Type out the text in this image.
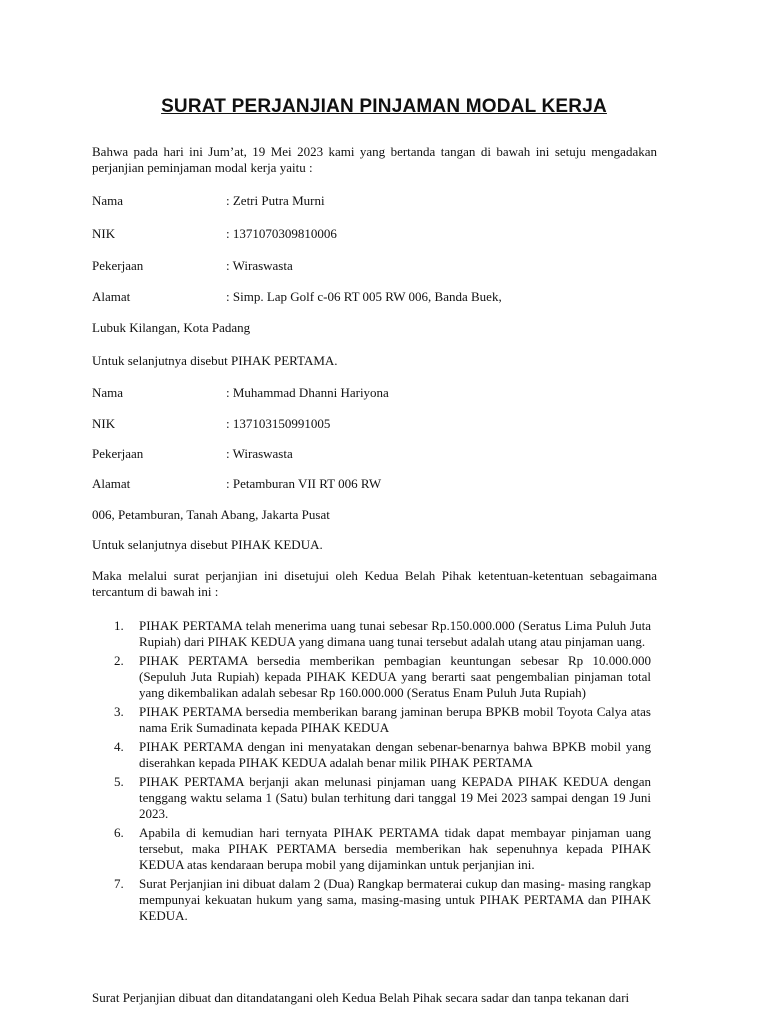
SURAT PERJANJIAN PINJAMAN MODAL KERJA
Bahwa pada hari ini Jum’at, 19 Mei 2023 kami yang bertanda tangan di bawah ini setuju mengadakan perjanjian peminjaman modal kerja yaitu :
Nama	: Zetri Putra Murni
NIK	: 1371070309810006
Pekerjaan	: Wiraswasta
Alamat	: Simp. Lap Golf c-06 RT 005 RW 006, Banda Buek,
Lubuk Kilangan, Kota Padang
Untuk selanjutnya disebut PIHAK PERTAMA.
Nama	: Muhammad Dhanni Hariyona
NIK	: 137103150991005
Pekerjaan	: Wiraswasta
Alamat	: Petamburan VII RT 006 RW
006, Petamburan, Tanah Abang, Jakarta Pusat
Untuk selanjutnya disebut PIHAK KEDUA.
Maka melalui surat perjanjian ini disetujui oleh Kedua Belah Pihak ketentuan-ketentuan sebagaimana tercantum di bawah ini :
1. PIHAK PERTAMA telah menerima uang tunai sebesar Rp.150.000.000 (Seratus Lima Puluh Juta Rupiah) dari PIHAK KEDUA yang dimana uang tunai tersebut adalah utang atau pinjaman uang.
2. PIHAK PERTAMA bersedia memberikan pembagian keuntungan sebesar Rp 10.000.000 (Sepuluh Juta Rupiah) kepada PIHAK KEDUA yang berarti saat pengembalian pinjaman total yang dikembalikan adalah sebesar Rp 160.000.000 (Seratus Enam Puluh Juta Rupiah)
3. PIHAK PERTAMA bersedia memberikan barang jaminan berupa BPKB mobil Toyota Calya atas nama Erik Sumadinata kepada PIHAK KEDUA
4. PIHAK PERTAMA dengan ini menyatakan dengan sebenar-benarnya bahwa BPKB mobil yang diserahkan kepada PIHAK KEDUA adalah benar milik PIHAK PERTAMA
5. PIHAK PERTAMA berjanji akan melunasi pinjaman uang KEPADA PIHAK KEDUA dengan tenggang waktu selama 1 (Satu) bulan terhitung dari tanggal 19 Mei 2023 sampai dengan 19 Juni 2023.
6. Apabila di kemudian hari ternyata PIHAK PERTAMA tidak dapat membayar pinjaman uang tersebut, maka PIHAK PERTAMA bersedia memberikan hak sepenuhnya kepada PIHAK KEDUA atas kendaraan berupa mobil yang dijaminkan untuk perjanjian ini.
7. Surat Perjanjian ini dibuat dalam 2 (Dua) Rangkap bermaterai cukup dan masing- masing rangkap mempunyai kekuatan hukum yang sama, masing-masing untuk PIHAK PERTAMA dan PIHAK KEDUA.
Surat Perjanjian dibuat dan ditandatangani oleh Kedua Belah Pihak secara sadar dan tanpa tekanan dari
